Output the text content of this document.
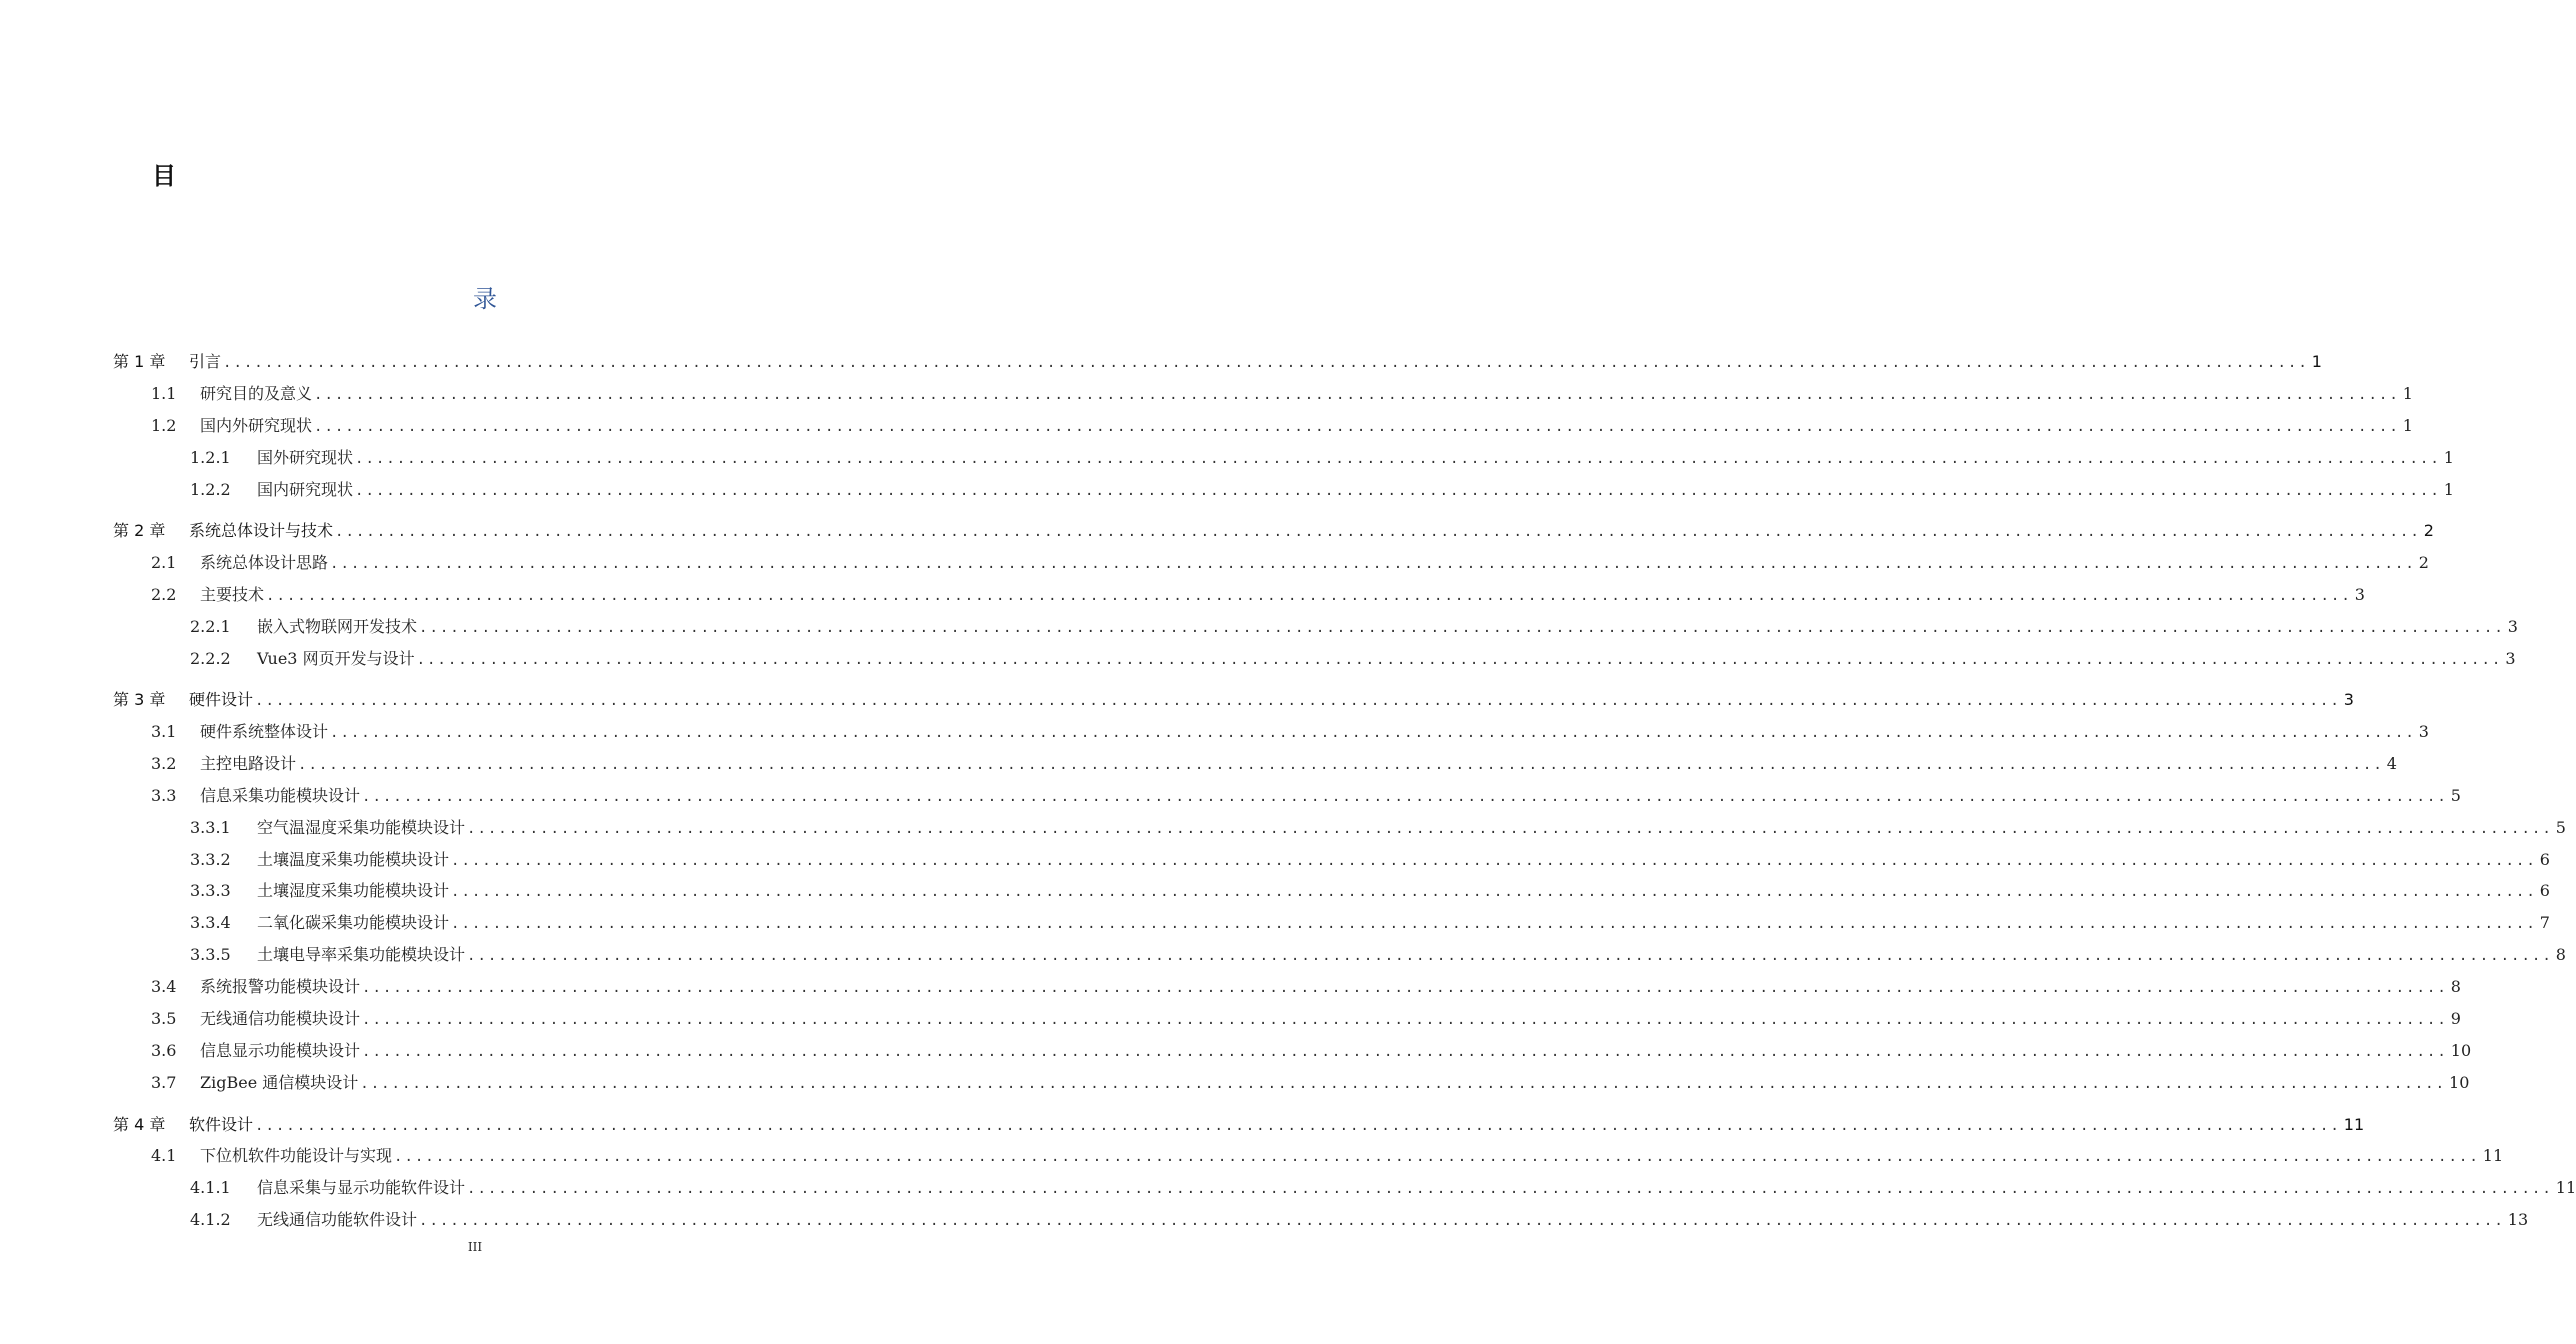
目
录
第 1 章	引言 ........................................................................................................................................................................................................ 1
1.1	研究目的及意义 ........................................................................................................................................................................................................ 1
1.2	国内外研究现状 ........................................................................................................................................................................................................ 1
1.2.1	国外研究现状 ........................................................................................................................................................................................................ 1
1.2.2	国内研究现状 ........................................................................................................................................................................................................ 1
第 2 章	系统总体设计与技术 ........................................................................................................................................................................................................ 2
2.1	系统总体设计思路 ........................................................................................................................................................................................................ 2
2.2	主要技术 ........................................................................................................................................................................................................ 3
2.2.1	嵌入式物联网开发技术 ........................................................................................................................................................................................................ 3
2.2.2	Vue3 网页开发与设计 ........................................................................................................................................................................................................ 3
第 3 章	硬件设计 ........................................................................................................................................................................................................ 3
3.1	硬件系统整体设计 ........................................................................................................................................................................................................ 3
3.2	主控电路设计 ........................................................................................................................................................................................................ 4
3.3	信息采集功能模块设计 ........................................................................................................................................................................................................ 5
3.3.1	空气温湿度采集功能模块设计 ........................................................................................................................................................................................................ 5
3.3.2	土壤温度采集功能模块设计 ........................................................................................................................................................................................................ 6
3.3.3	土壤湿度采集功能模块设计 ........................................................................................................................................................................................................ 6
3.3.4	二氧化碳采集功能模块设计 ........................................................................................................................................................................................................ 7
3.3.5	土壤电导率采集功能模块设计 ........................................................................................................................................................................................................ 8
3.4	系统报警功能模块设计 ........................................................................................................................................................................................................ 8
3.5	无线通信功能模块设计 ........................................................................................................................................................................................................ 9
3.6	信息显示功能模块设计 ........................................................................................................................................................................................................ 10
3.7	ZigBee 通信模块设计 ........................................................................................................................................................................................................ 10
第 4 章	软件设计 ........................................................................................................................................................................................................ 11
4.1	下位机软件功能设计与实现 ........................................................................................................................................................................................................ 11
4.1.1	信息采集与显示功能软件设计 ........................................................................................................................................................................................................ 11
4.1.2	无线通信功能软件设计 ........................................................................................................................................................................................................ 13
III
